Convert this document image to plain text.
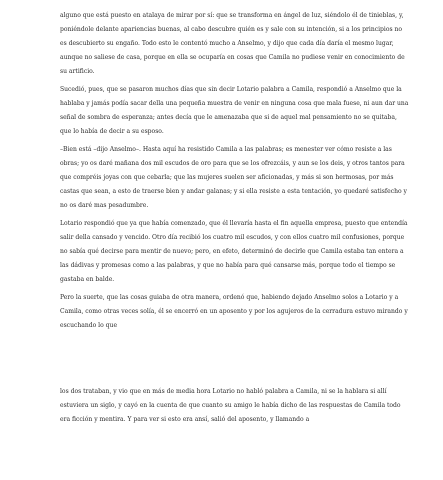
alguno que está puesto en atalaya de mirar por sí: que se transforma en ángel de luz, siéndolo él de tinieblas, y, poniéndole delante apariencias buenas, al cabo descubre quién es y sale con su intención, si a los principios no es descubierto su engaño. Todo esto le contentó mucho a Anselmo, y dijo que cada día daría el mesmo lugar, aunque no saliese de casa, porque en ella se ocuparía en cosas que Camila no pudiese venir en conocimiento de su artificio.

Sucedió, pues, que se pasaron muchos días que sin decir Lotario palabra a Camila, respondió a Anselmo que la hablaba y jamás podía sacar della una pequeña muestra de venir en ninguna cosa que mala fuese, ni aun dar una señal de sombra de esperanza; antes decía que le amenazaba que si de aquel mal pensamiento no se quitaba, que lo había de decir a su esposo.

–Bien está –dijo Anselmo–. Hasta aquí ha resistido Camila a las palabras; es menester ver cómo resiste a las obras; yo os daré mañana dos mil escudos de oro para que se los ofrezcáis, y aun se los deis, y otros tantos para que compréis joyas con que cebarla; que las mujeres suelen ser aficionadas, y más si son hermosas, por más castas que sean, a esto de traerse bien y andar galanas; y si ella resiste a esta tentación, yo quedaré satisfecho y no os daré mas pesadumbre.

Lotario respondió que ya que había comenzado, que él llevaría hasta el fin aquella empresa, puesto que entendía salir della cansado y vencido. Otro día recibió los cuatro mil escudos, y con ellos cuatro mil confusiones, porque no sabía qué decirse para mentir de nuevo; pero, en efeto, determinó de decirle que Camila estaba tan entera a las dádivas y promesas como a las palabras, y que no había para qué cansarse más, porque todo el tiempo se gastaba en balde.

Pero la suerte, que las cosas guiaba de otra manera, ordenó que, habiendo dejado Anselmo solos a Lotario y a Camila, como otras veces solía, él se encerró en un aposento y por los agujeros de la cerradura estuvo mirando y escuchando lo que

los dos trataban, y vio que en más de media hora Lotario no habló palabra a Camila, ni se la hablara si allí estuviera un siglo, y cayó en la cuenta de que cuanto su amigo le había dicho de las respuestas de Camila todo era ficción y mentira. Y para ver si esto era ansí, salió del aposento, y llamando a
